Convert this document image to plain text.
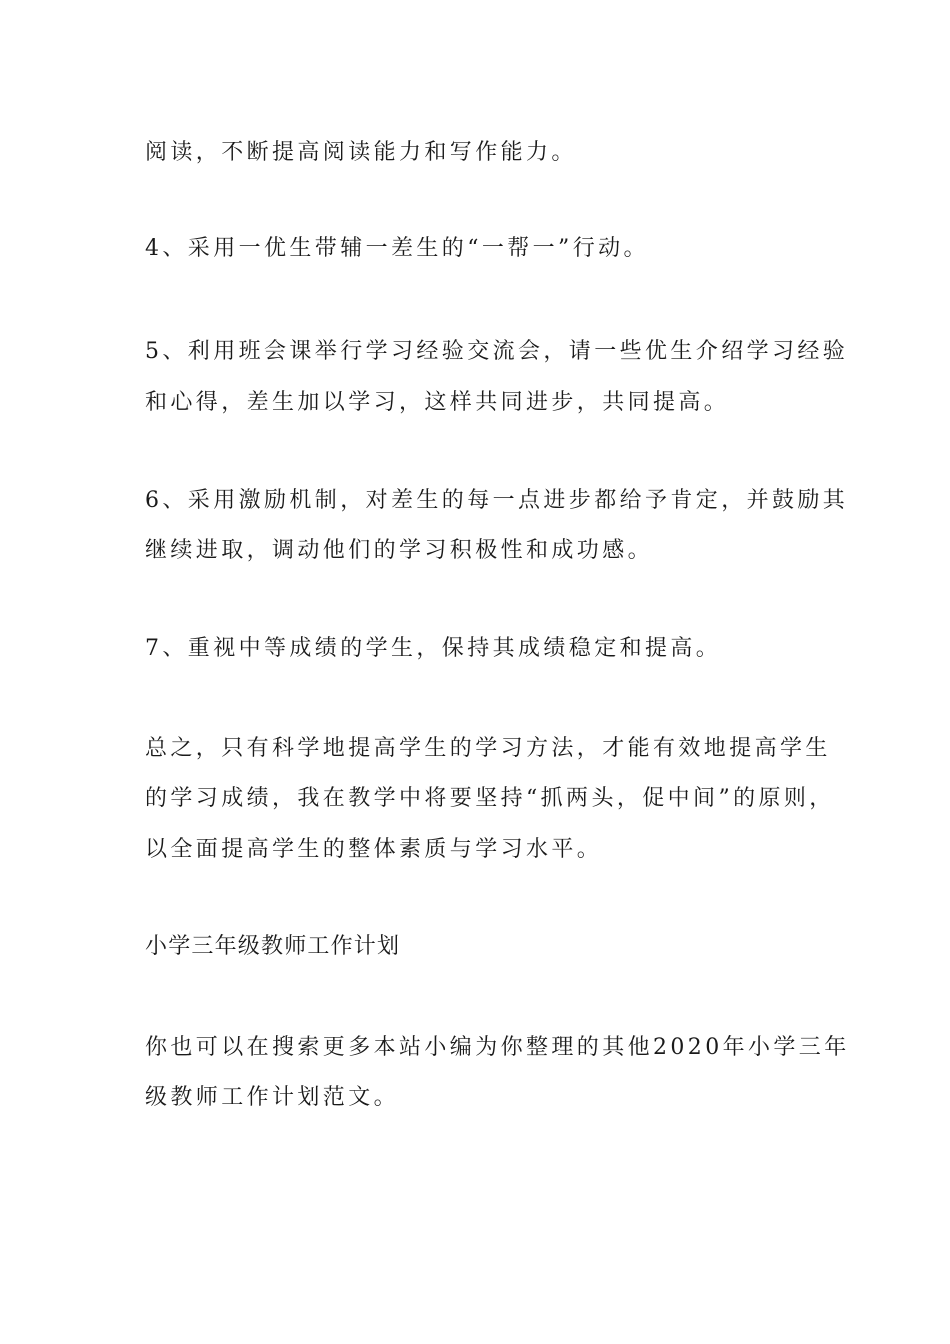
阅读，不断提高阅读能力和写作能力。
4、采用一优生带辅一差生的“一帮一”行动。
5、利用班会课举行学习经验交流会，请一些优生介绍学习经验
和心得，差生加以学习，这样共同进步，共同提高。
6、采用激励机制，对差生的每一点进步都给予肯定，并鼓励其
继续进取，调动他们的学习积极性和成功感。
7、重视中等成绩的学生，保持其成绩稳定和提高。
总之，只有科学地提高学生的学习方法，才能有效地提高学生
的学习成绩，我在教学中将要坚持“抓两头，促中间”的原则，
以全面提高学生的整体素质与学习水平。
小学三年级教师工作计划
你也可以在搜索更多本站小编为你整理的其他2020年小学三年
级教师工作计划范文。
